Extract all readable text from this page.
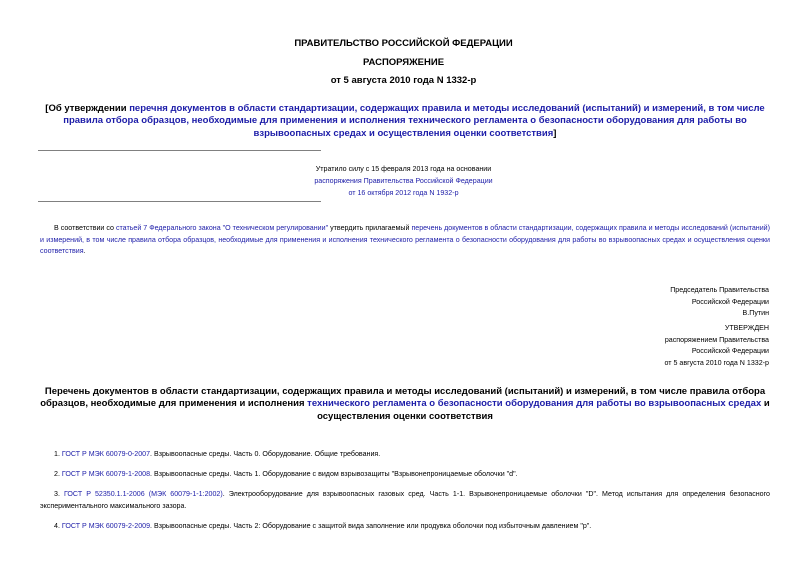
ПРАВИТЕЛЬСТВО РОССИЙСКОЙ ФЕДЕРАЦИИ
РАСПОРЯЖЕНИЕ
от 5 августа 2010 года N 1332-р
[Об утверждении перечня документов в области стандартизации, содержащих правила и методы исследований (испытаний) и измерений, в том числе правила отбора образцов, необходимые для применения и исполнения технического регламента о безопасности оборудования для работы во взрывоопасных средах и осуществления оценки соответствия]
Утратило силу с 15 февраля 2013 года на основании
распоряжения Правительства Российской Федерации
от 16 октября 2012 года N 1932-р
В соответствии со статьей 7 Федерального закона "О техническом регулировании" утвердить прилагаемый перечень документов в области стандартизации, содержащих правила и методы исследований (испытаний) и измерений, в том числе правила отбора образцов, необходимые для применения и исполнения технического регламента о безопасности оборудования для работы во взрывоопасных средах и осуществления оценки соответствия.
Председатель Правительства
Российской Федерации
В.Путин
УТВЕРЖДЕН
распоряжением Правительства
Российской Федерации
от 5 августа 2010 года N 1332-р
Перечень документов в области стандартизации, содержащих правила и методы исследований (испытаний) и измерений, в том числе правила отбора образцов, необходимые для применения и исполнения технического регламента о безопасности оборудования для работы во взрывоопасных средах и осуществления оценки соответствия
1. ГОСТ Р МЭК 60079-0-2007. Взрывоопасные среды. Часть 0. Оборудование. Общие требования.
2. ГОСТ Р МЭК 60079-1-2008. Взрывоопасные среды. Часть 1. Оборудование с видом взрывозащиты "Взрывонепроницаемые оболочки "d".
3. ГОСТ Р 52350.1.1-2006 (МЭК 60079-1-1:2002). Электрооборудование для взрывоопасных газовых сред. Часть 1-1. Взрывонепроницаемые оболочки "D". Метод испытания для определения безопасного экспериментального максимального зазора.
4. ГОСТ Р МЭК 60079-2-2009. Взрывоопасные среды. Часть 2: Оборудование с защитой вида заполнение или продувка оболочки под избыточным давлением "р".
